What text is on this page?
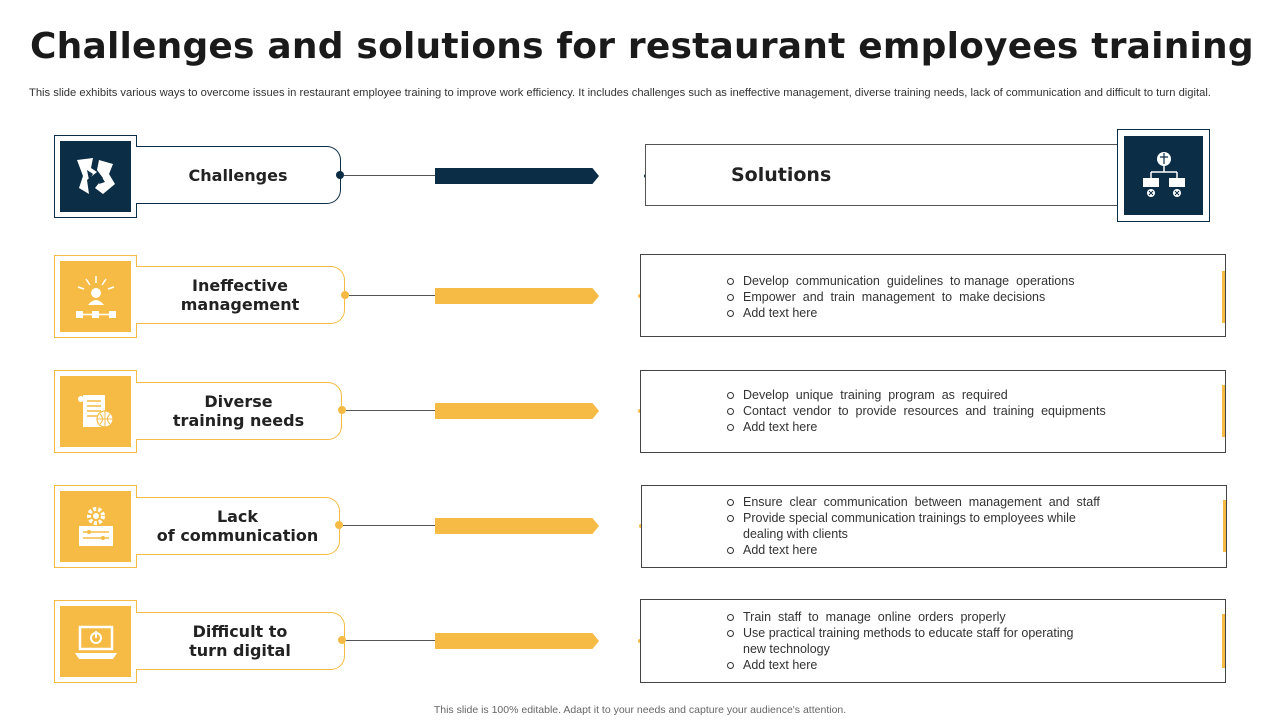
Challenges and solutions for restaurant employees training
This slide exhibits various ways to overcome issues in restaurant employee training to improve work efficiency. It includes challenges such as ineffective management, diverse training needs, lack of communication and difficult to turn digital.
Challenges	Solutions
Ineffective
management
Develop  communication  guidelines  to manage  operations
Empower  and  train  management  to  make decisions
Add text here
Diverse
training needs
Develop  unique  training  program  as  required
Contact  vendor  to  provide  resources  and  training  equipments
Add text here
Lack
of communication
Ensure  clear  communication  between  management  and  staff
Provide special communication trainings to employees while
dealing with clients
Add text here
Difficult to
turn digital
Train  staff  to  manage  online  orders  properly
Use practical training methods to educate staff for operating
new technology
Add text here
This slide is 100% editable. Adapt it to your needs and capture your audience's attention.
